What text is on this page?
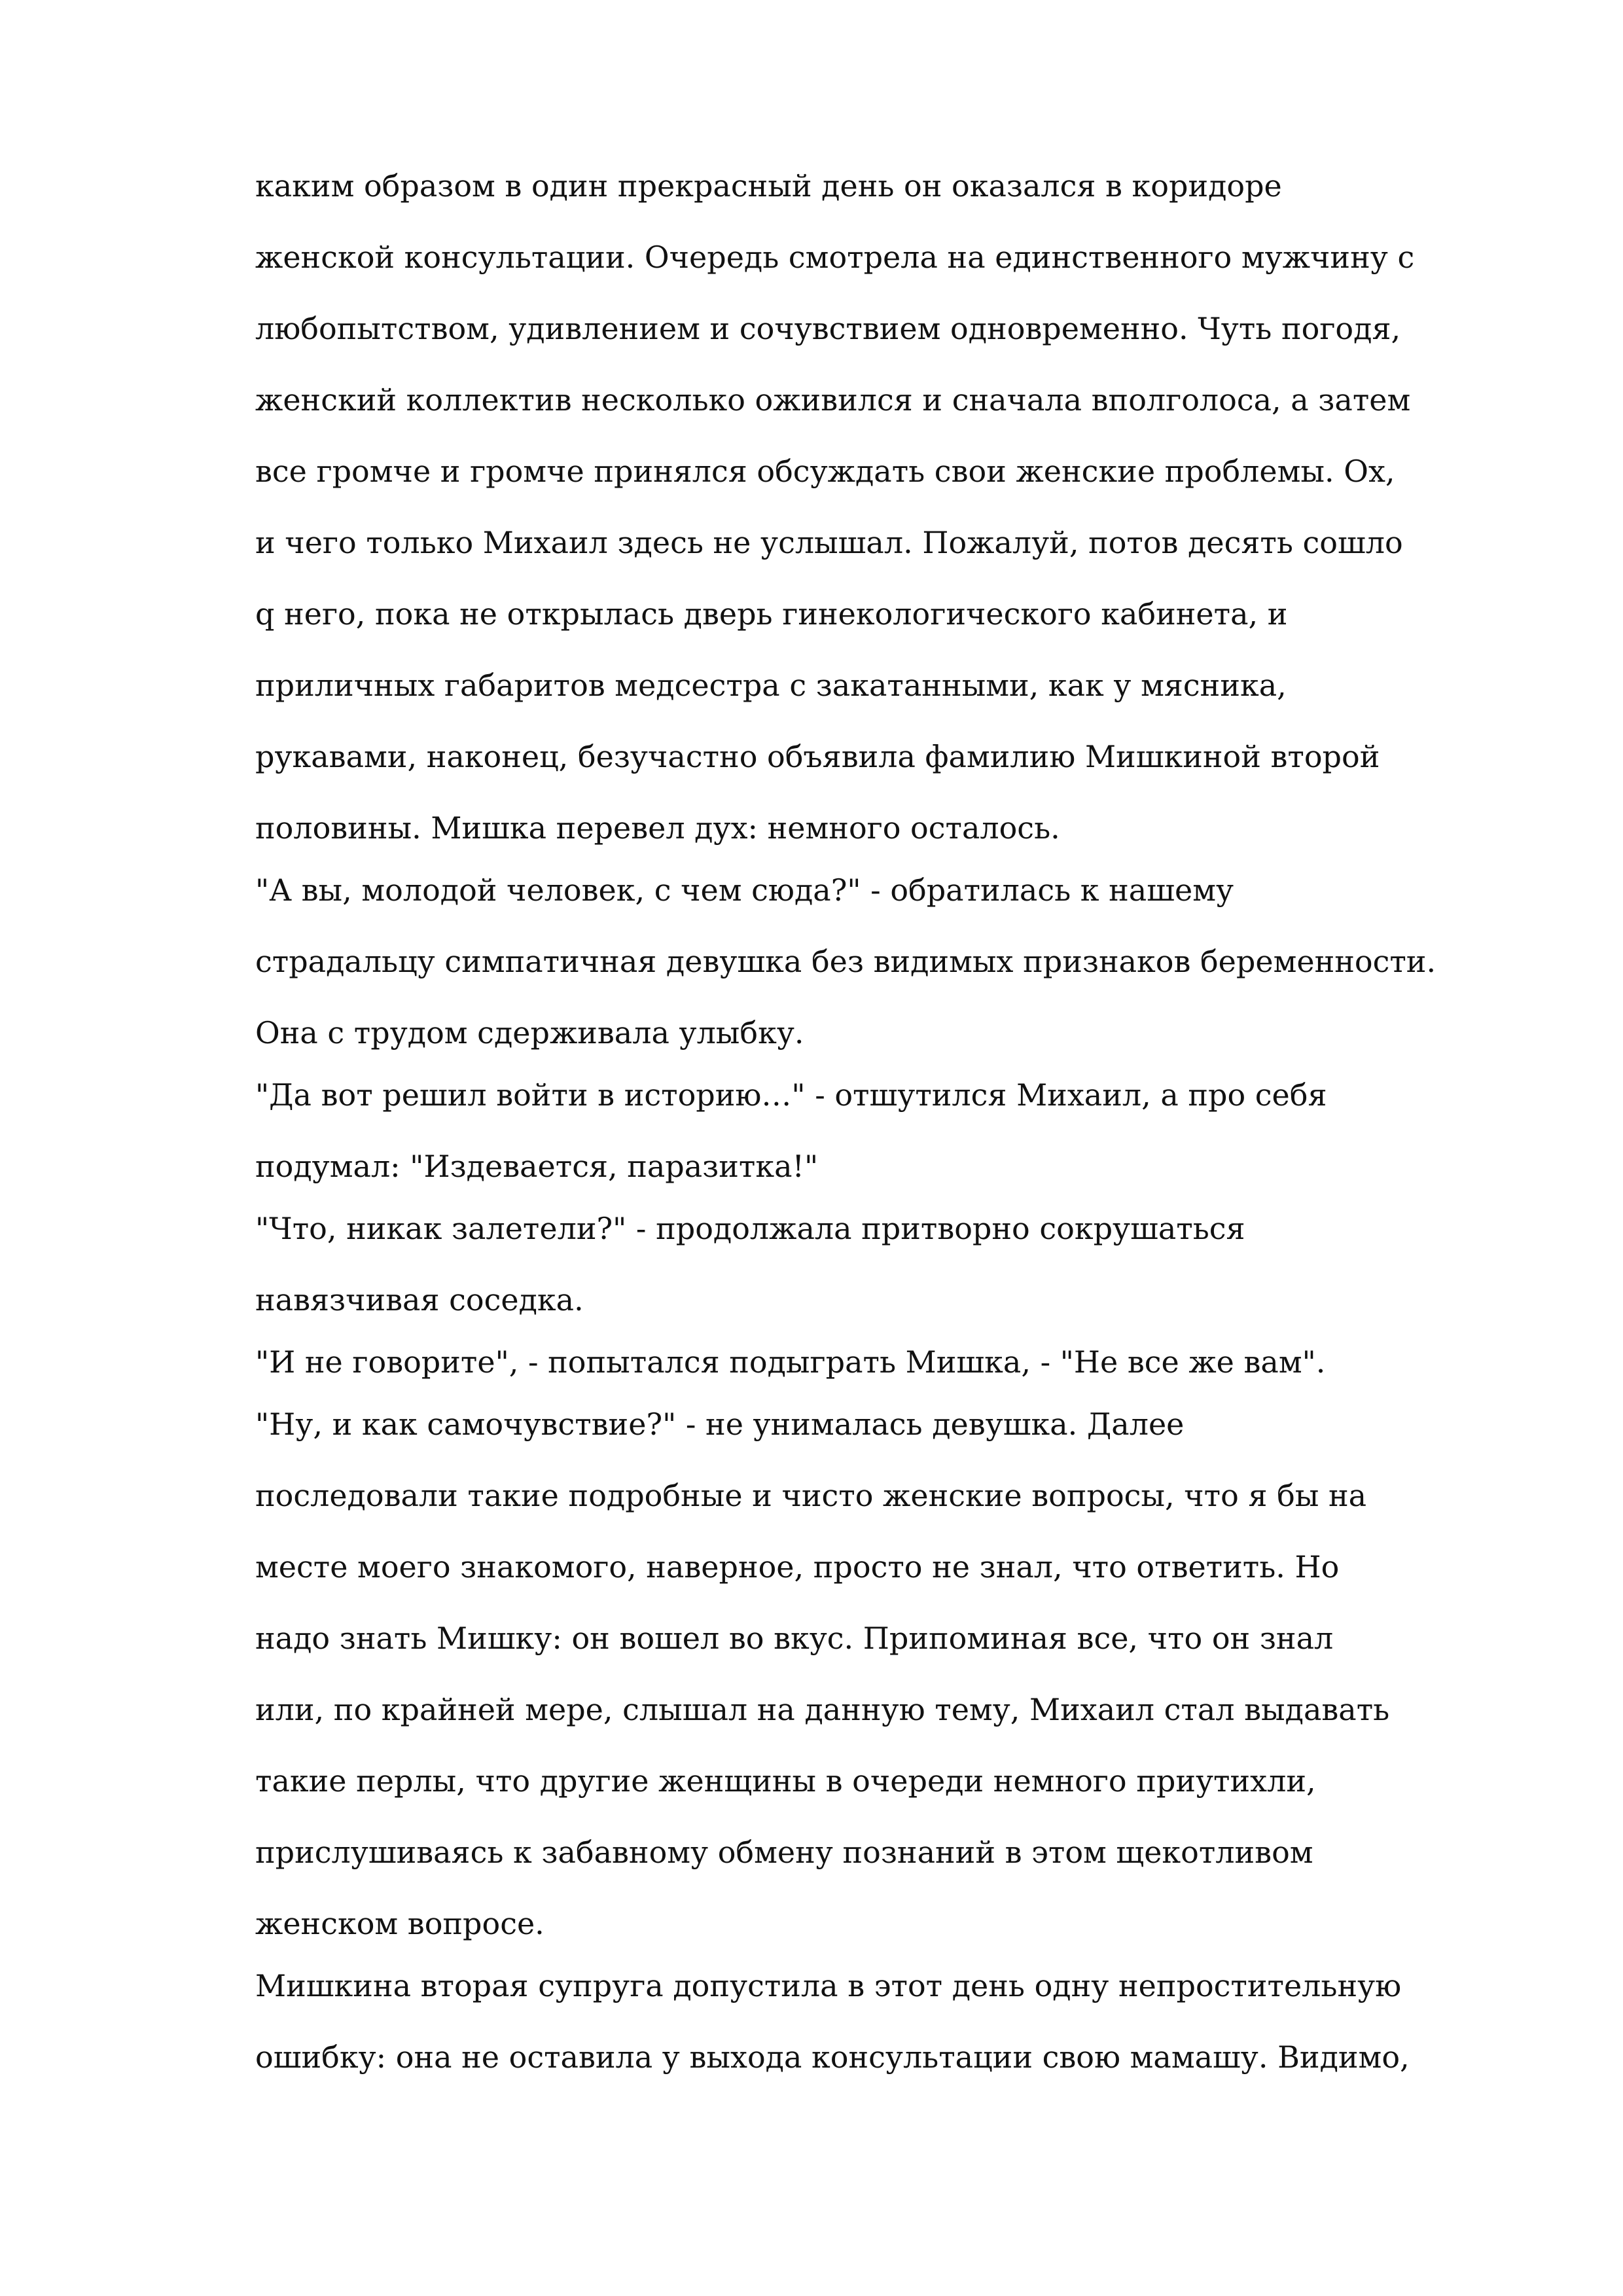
каким образом в один прекрасный день он оказался в коридоре
женской консультации. Очередь смотрела на единственного мужчину с
любопытством, удивлением и сочувствием одновременно. Чуть погодя,
женский коллектив несколько оживился и сначала вполголоса, а затем
все громче и громче принялся обсуждать свои женские проблемы. Ох,
и чего только Михаил здесь не услышал. Пожалуй, потов десять сошло
q него, пока не открылась дверь гинекологического кабинета, и
приличных габаритов медсестра с закатанными, как у мясника,
рукавами, наконец, безучастно объявила фамилию Мишкиной второй
половины. Мишка перевел дух: немного осталось.
"А вы, молодой человек, с чем сюда?" - обратилась к нашему
страдальцу симпатичная девушка без видимых признаков беременности.
Она с трудом сдерживала улыбку.
"Да вот решил войти в историю…" - отшутился Михаил, а про себя
подумал: "Издевается, паразитка!"
"Что, никак залетели?" - продолжала притворно сокрушаться
навязчивая соседка.
"И не говорите", - попытался подыграть Мишка, - "Не все же вам".
"Ну, и как самочувствие?" - не унималась девушка. Далее
последовали такие подробные и чисто женские вопросы, что я бы на
месте моего знакомого, наверное, просто не знал, что ответить. Но
надо знать Мишку: он вошел во вкус. Припоминая все, что он знал
или, по крайней мере, слышал на данную тему, Михаил стал выдавать
такие перлы, что другие женщины в очереди немного приутихли,
прислушиваясь к забавному обмену познаний в этом щекотливом
женском вопросе.
Мишкина вторая супруга допустила в этот день одну непростительную
ошибку: она не оставила у выхода консультации свою мамашу. Видимо,
